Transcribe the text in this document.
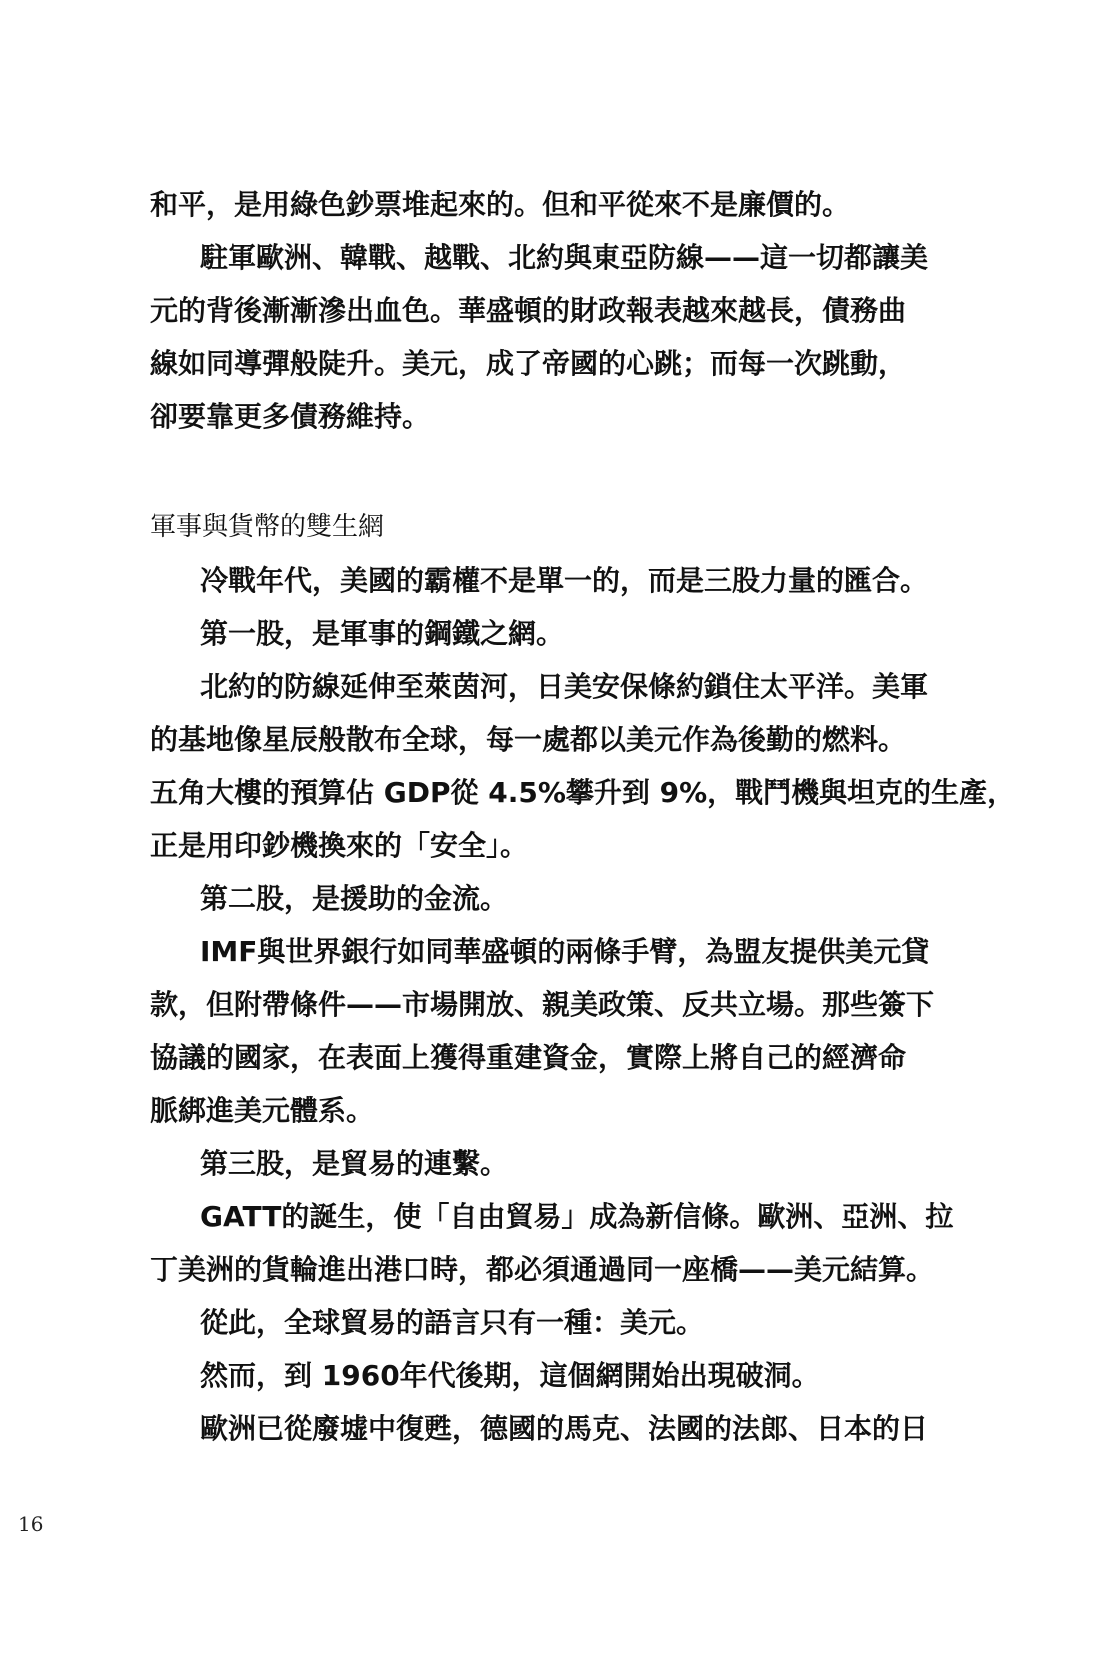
和平，是用綠色鈔票堆起來的。但和平從來不是廉價的。
駐軍歐洲、韓戰、越戰、北約與東亞防線——這一切都讓美
元的背後漸漸滲出血色。華盛頓的財政報表越來越長，債務曲
線如同導彈般陡升。美元，成了帝國的心跳；而每一次跳動，
卻要靠更多債務維持。
軍事與貨幣的雙生網
冷戰年代，美國的霸權不是單一的，而是三股力量的匯合。
第一股，是軍事的鋼鐵之網。
北約的防線延伸至萊茵河，日美安保條約鎖住太平洋。美軍
的基地像星辰般散布全球，每一處都以美元作為後勤的燃料。
五角大樓的預算佔 GDP從 4.5%攀升到 9%，戰鬥機與坦克的生產，
正是用印鈔機換來的「安全」。
第二股，是援助的金流。
IMF與世界銀行如同華盛頓的兩條手臂，為盟友提供美元貸
款，但附帶條件——市場開放、親美政策、反共立場。那些簽下
協議的國家，在表面上獲得重建資金，實際上將自己的經濟命
脈綁進美元體系。
第三股，是貿易的連繫。
GATT的誕生，使「自由貿易」成為新信條。歐洲、亞洲、拉
丁美洲的貨輪進出港口時，都必須通過同一座橋——美元結算。
從此，全球貿易的語言只有一種：美元。
然而，到 1960年代後期，這個網開始出現破洞。
歐洲已從廢墟中復甦，德國的馬克、法國的法郎、日本的日
16
